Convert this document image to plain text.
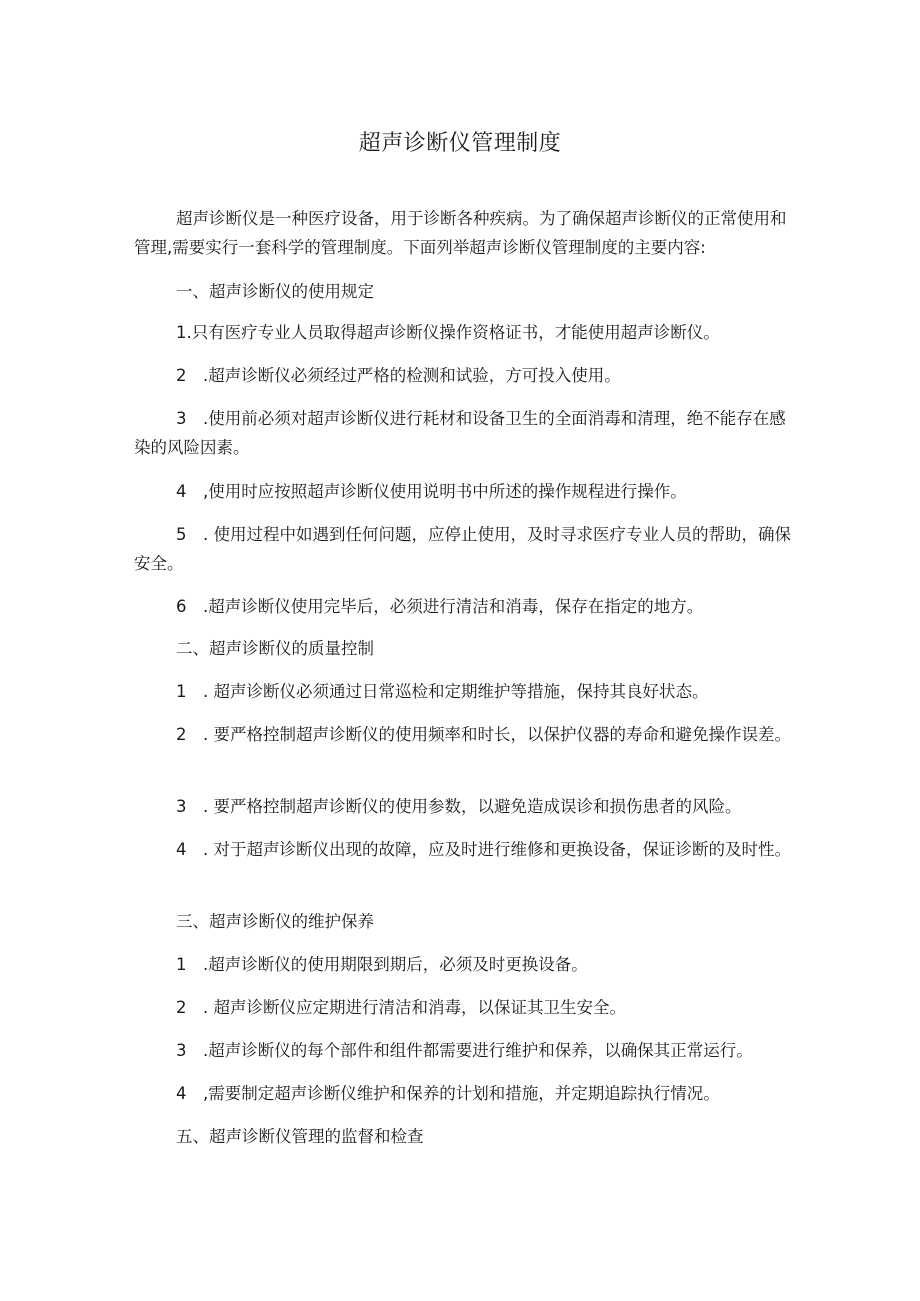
超声诊断仪管理制度
超声诊断仪是一种医疗设备，用于诊断各种疾病。为了确保超声诊断仪的正常使用和管理,需要实行一套科学的管理制度。下面列举超声诊断仪管理制度的主要内容:
一、超声诊断仪的使用规定
1.只有医疗专业人员取得超声诊断仪操作资格证书，才能使用超声诊断仪。
2　.超声诊断仪必须经过严格的检测和试验，方可投入使用。
3　.使用前必须对超声诊断仪进行耗材和设备卫生的全面消毒和清理，绝不能存在感染的风险因素。
4　,使用时应按照超声诊断仪使用说明书中所述的操作规程进行操作。
5　. 使用过程中如遇到任何问题，应停止使用，及时寻求医疗专业人员的帮助，确保安全。
6　.超声诊断仪使用完毕后，必须进行清洁和消毒，保存在指定的地方。
二、超声诊断仪的质量控制
1　. 超声诊断仪必须通过日常巡检和定期维护等措施，保持其良好状态。
2　. 要严格控制超声诊断仪的使用频率和时长，以保护仪器的寿命和避免操作误差。
3　. 要严格控制超声诊断仪的使用参数，以避免造成误诊和损伤患者的风险。
4　. 对于超声诊断仪出现的故障，应及时进行维修和更换设备，保证诊断的及时性。
三、超声诊断仪的维护保养
1　.超声诊断仪的使用期限到期后，必须及时更换设备。
2　. 超声诊断仪应定期进行清洁和消毒，以保证其卫生安全。
3　.超声诊断仪的每个部件和组件都需要进行维护和保养，以确保其正常运行。
4　,需要制定超声诊断仪维护和保养的计划和措施，并定期追踪执行情况。
五、超声诊断仪管理的监督和检查
